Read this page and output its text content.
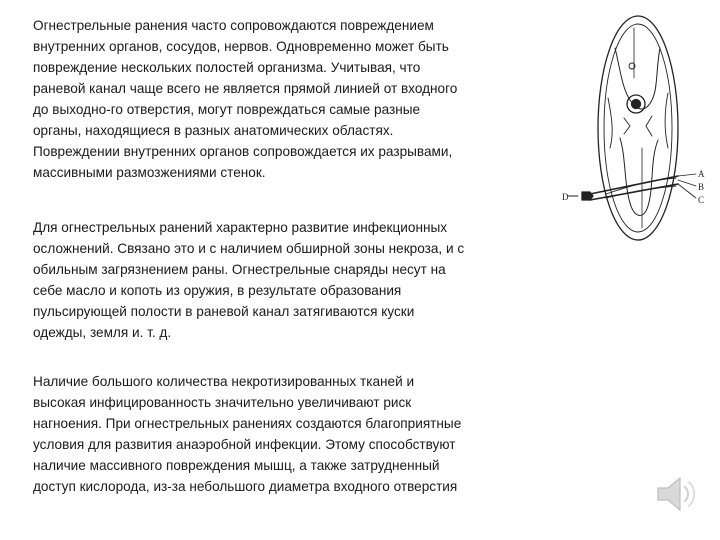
Огнестрельные ранения часто сопровождаются повреждением
внутренних органов, сосудов, нервов. Одновременно может быть
повреждение нескольких полостей организма. Учитывая, что
раневой канал чаще всего не является прямой линией от входного
до выходно-го отверстия, могут повреждаться самые разные
органы, находящиеся в разных анатомических областях.
Повреждении внутренних органов сопровождается их разрывами,
массивными размозжениями стенок.

Для огнестрельных ранений характерно развитие инфекционных
осложнений. Связано это и с наличием обширной зоны некроза, и с
обильным загрязнением раны. Огнестрельные снаряды несут на
себе масло и копоть из оружия, в результате образования
пульсирующей полости в раневой канал затягиваются куски
одежды, земля и. т. д.

Наличие большого количества некротизированных тканей и
высокая инфицированность значительно увеличивают риск
нагноения. При огнестрельных ранениях создаются благоприятные
условия для развития анаэробной инфекции. Этому способствуют
наличие массивного повреждения мышц, а также затрудненный
доступ кислорода, из-за небольшого диаметра входного отверстия

D
A
B
C
